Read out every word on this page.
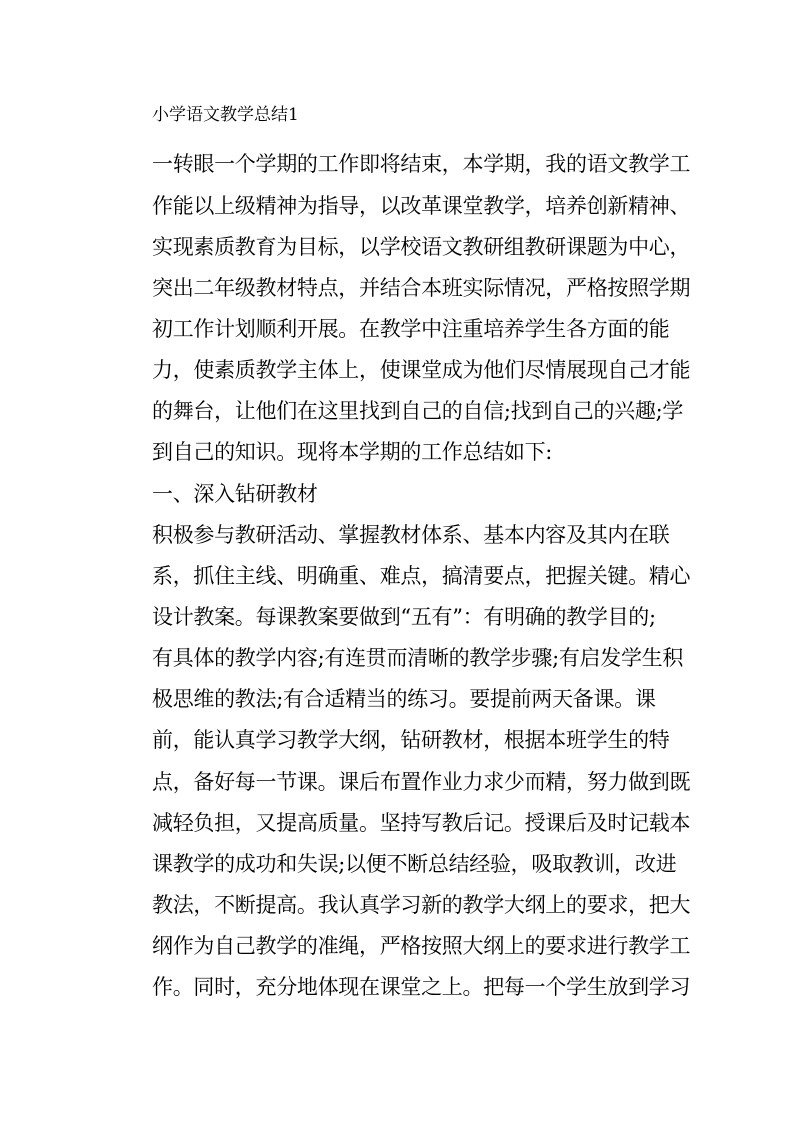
小学语文教学总结1
一转眼一个学期的工作即将结束，本学期，我的语文教学工
作能以上级精神为指导，以改革课堂教学，培养创新精神、
实现素质教育为目标，以学校语文教研组教研课题为中心，
突出二年级教材特点，并结合本班实际情况，严格按照学期
初工作计划顺利开展。在教学中注重培养学生各方面的能
力，使素质教学主体上，使课堂成为他们尽情展现自己才能
的舞台，让他们在这里找到自己的自信;找到自己的兴趣;学
到自己的知识。现将本学期的工作总结如下:
一、深入钻研教材
积极参与教研活动、掌握教材体系、基本内容及其内在联
系，抓住主线、明确重、难点，搞清要点，把握关键。精心
设计教案。每课教案要做到“五有”：有明确的教学目的;
有具体的教学内容;有连贯而清晰的教学步骤;有启发学生积
极思维的教法;有合适精当的练习。要提前两天备课。课
前，能认真学习教学大纲，钻研教材，根据本班学生的特
点，备好每一节课。课后布置作业力求少而精，努力做到既
减轻负担，又提高质量。坚持写教后记。授课后及时记载本
课教学的成功和失误;以便不断总结经验，吸取教训，改进
教法，不断提高。我认真学习新的教学大纲上的要求，把大
纲作为自己教学的准绳，严格按照大纲上的要求进行教学工
作。同时，充分地体现在课堂之上。把每一个学生放到学习
